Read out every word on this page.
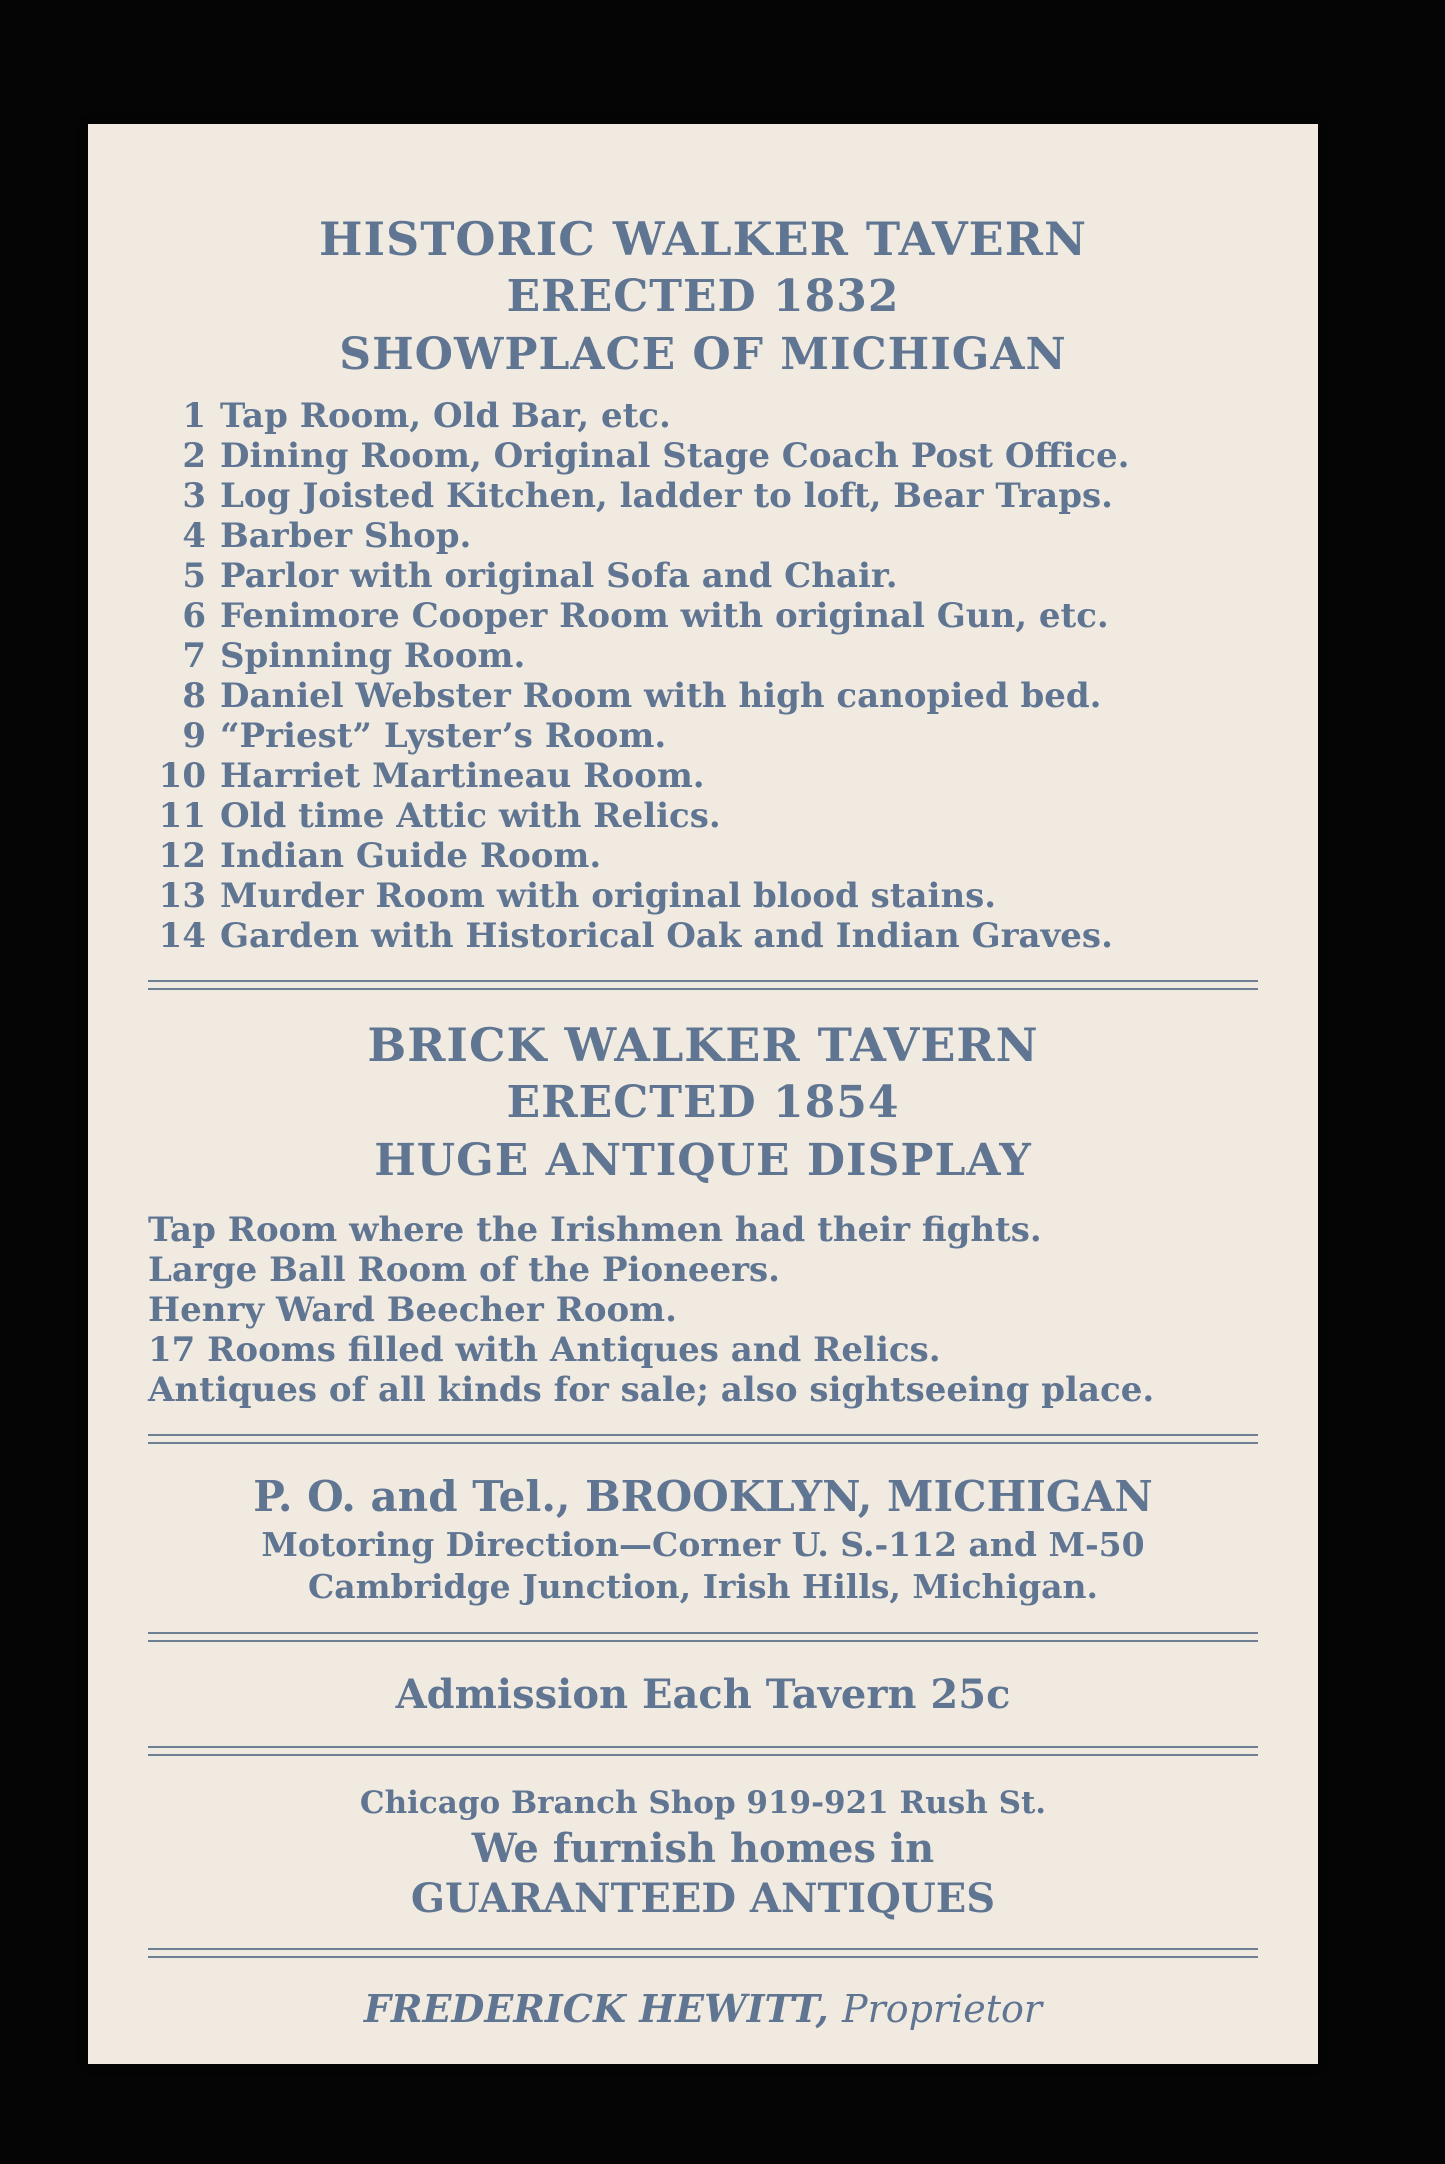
HISTORIC WALKER TAVERN
ERECTED 1832
SHOWPLACE OF MICHIGAN
1 Tap Room, Old Bar, etc.
2 Dining Room, Original Stage Coach Post Office.
3 Log Joisted Kitchen, ladder to loft, Bear Traps.
4 Barber Shop.
5 Parlor with original Sofa and Chair.
6 Fenimore Cooper Room with original Gun, etc.
7 Spinning Room.
8 Daniel Webster Room with high canopied bed.
9 “Priest” Lyster’s Room.
10 Harriet Martineau Room.
11 Old time Attic with Relics.
12 Indian Guide Room.
13 Murder Room with original blood stains.
14 Garden with Historical Oak and Indian Graves.
BRICK WALKER TAVERN
ERECTED 1854
HUGE ANTIQUE DISPLAY

Tap Room where the Irishmen had their fights.

Large Ball Room of the Pioneers.

Henry Ward Beecher Room.

17 Rooms filled with Antiques and Relics.

Antiques of all kinds for sale; also sightseeing place.

P. O. and Tel., BROOKLYN, MICHIGAN

Motoring Direction—Corner U. S.-112 and M-50

Cambridge Junction, Irish Hills, Michigan.

Admission Each Tavern 25c

Chicago Branch Shop 919-921 Rush St.

We furnish homes in

GUARANTEED ANTIQUES

FREDERICK HEWITT, Proprietor
